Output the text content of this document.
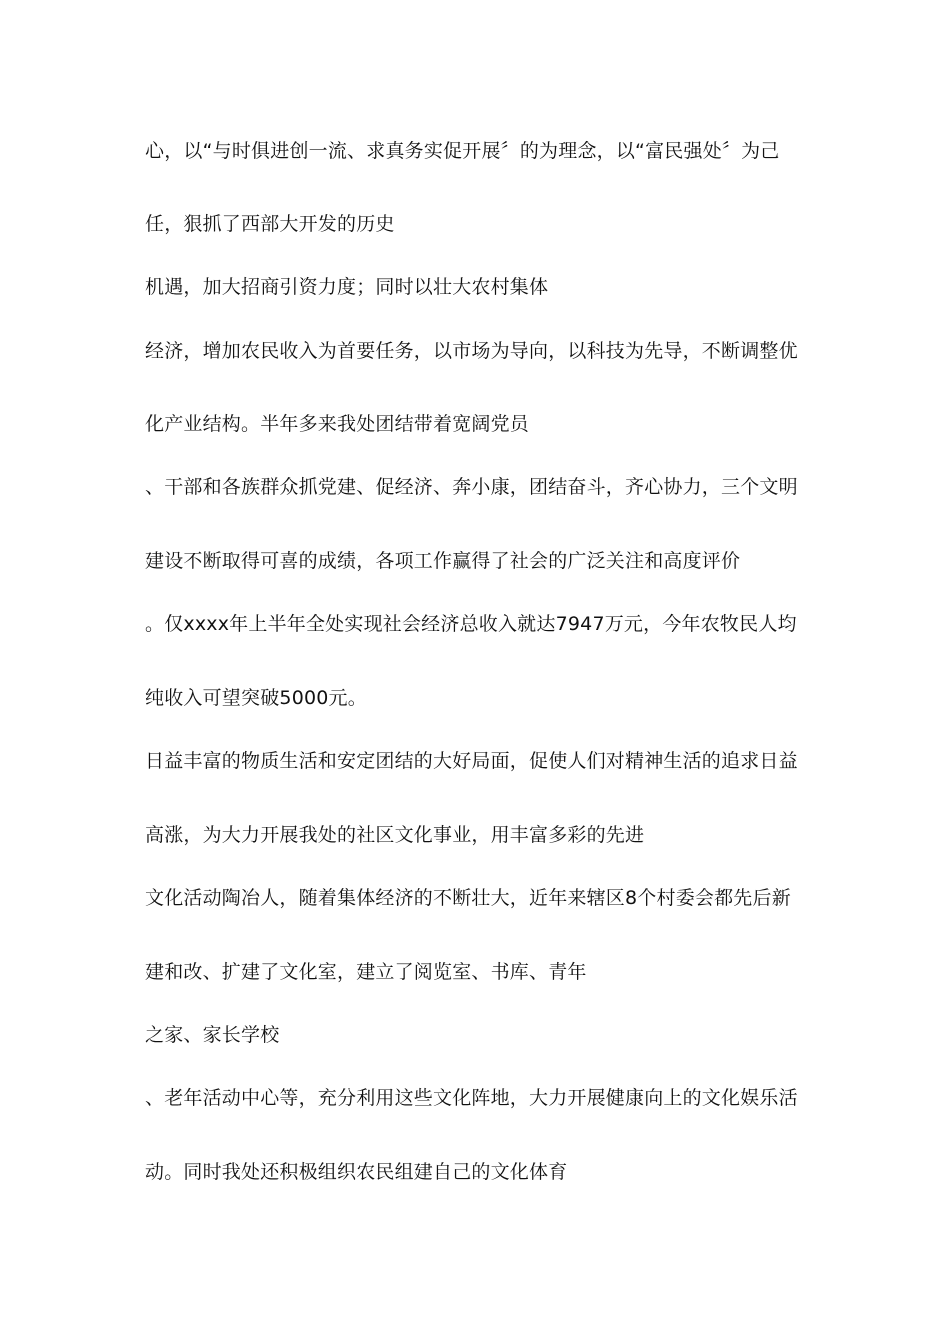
心，以“与时俱进创一流、求真务实促开展〞的为理念，以“富民强处〞为己

任，狠抓了西部大开发的历史

机遇，加大招商引资力度；同时以壮大农村集体

经济，增加农民收入为首要任务，以市场为导向，以科技为先导，不断调整优

化产业结构。半年多来我处团结带着宽阔党员

、干部和各族群众抓党建、促经济、奔小康，团结奋斗，齐心协力，三个文明

建设不断取得可喜的成绩，各项工作赢得了社会的广泛关注和高度评价

。仅xxxx年上半年全处实现社会经济总收入就达7947万元，今年农牧民人均

纯收入可望突破5000元。

日益丰富的物质生活和安定团结的大好局面，促使人们对精神生活的追求日益

高涨，为大力开展我处的社区文化事业，用丰富多彩的先进

文化活动陶冶人，随着集体经济的不断壮大，近年来辖区8个村委会都先后新

建和改、扩建了文化室，建立了阅览室、书库、青年

之家、家长学校

、老年活动中心等，充分利用这些文化阵地，大力开展健康向上的文化娱乐活

动。同时我处还积极组织农民组建自己的文化体育
